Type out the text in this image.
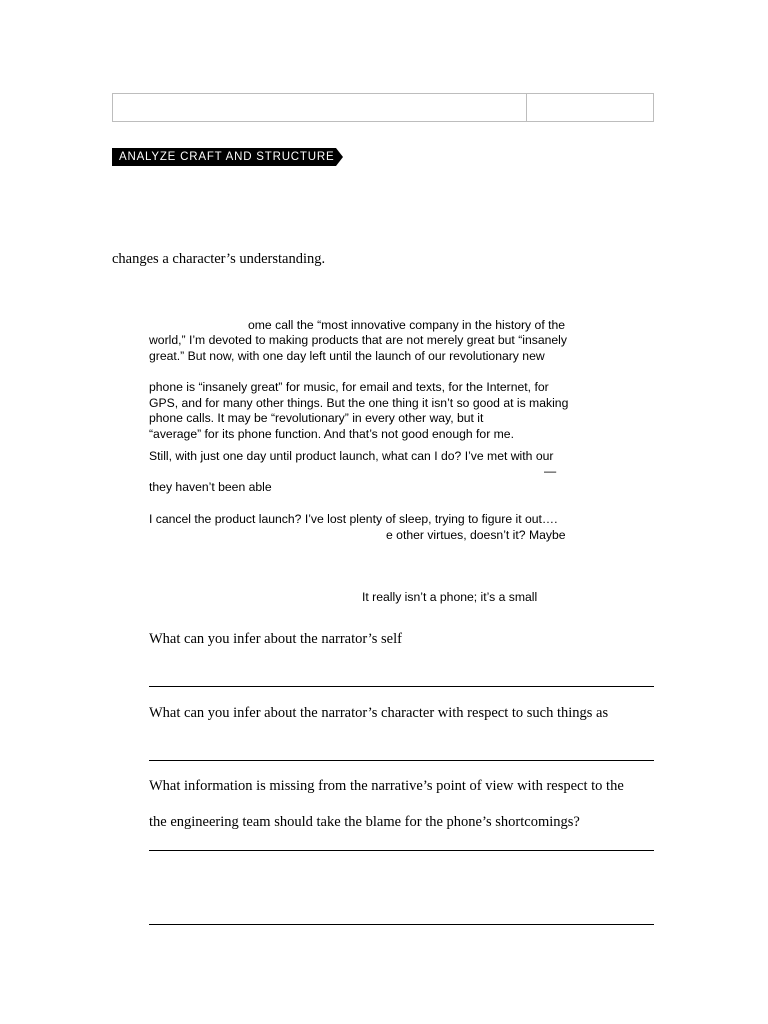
ANALYZE CRAFT AND STRUCTURE
changes a character’s understanding.
ome call the “most innovative company in the history of the
world,” I’m devoted to making products that are not merely great but “insanely
great.” But now, with one day left until the launch of our revolutionary new
phone is “insanely great” for music, for email and texts, for the Internet, for
GPS, and for many other things. But the one thing it isn’t so good at is making
phone calls. It may be “revolutionary” in every other way, but it
“average” for its phone function. And that’s not good enough for me.
Still, with just one day until product launch, what can I do? I’ve met with our
—
they haven’t been able
I cancel the product launch? I’ve lost plenty of sleep, trying to figure it out….
e other virtues, doesn’t it? Maybe
It really isn’t a phone; it’s a small
What can you infer about the narrator’s self
What can you infer about the narrator’s character with respect to such things as
What information is missing from the narrative’s point of view with respect to the
the engineering team should take the blame for the phone’s shortcomings?
